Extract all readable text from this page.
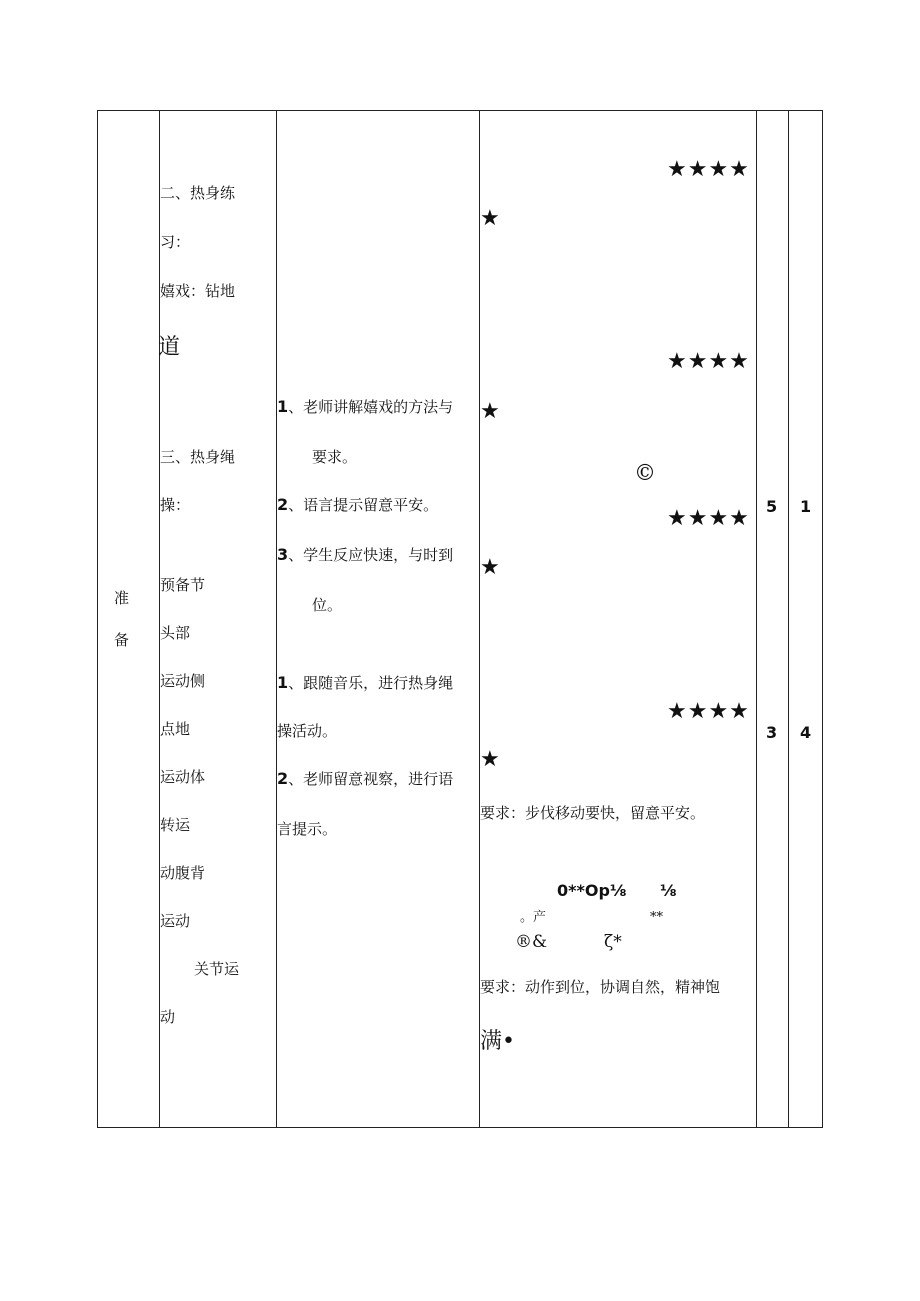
准
备
二、热身练
习：
嬉戏：钻地
道
三、热身绳
操：
预备节
头部
运动侧
点地
运动体
转运
动腹背
运动
关节运
动
1、老师讲解嬉戏的方法与
要求。
2、语言提示留意平安。
3、学生反应快速，与时到
位。
1、跟随音乐，进行热身绳
操活动。
2、老师留意视察，进行语
言提示。
★★★★
★
★★★★
★
©
★★★★
★
★★★★
★
要求：步伐移动要快，留意平安。
0**Op⅛ ⅛
。产	**
®&	ζ*
要求：动作到位，协调自然，精神饱
满•
5
3
1
4
